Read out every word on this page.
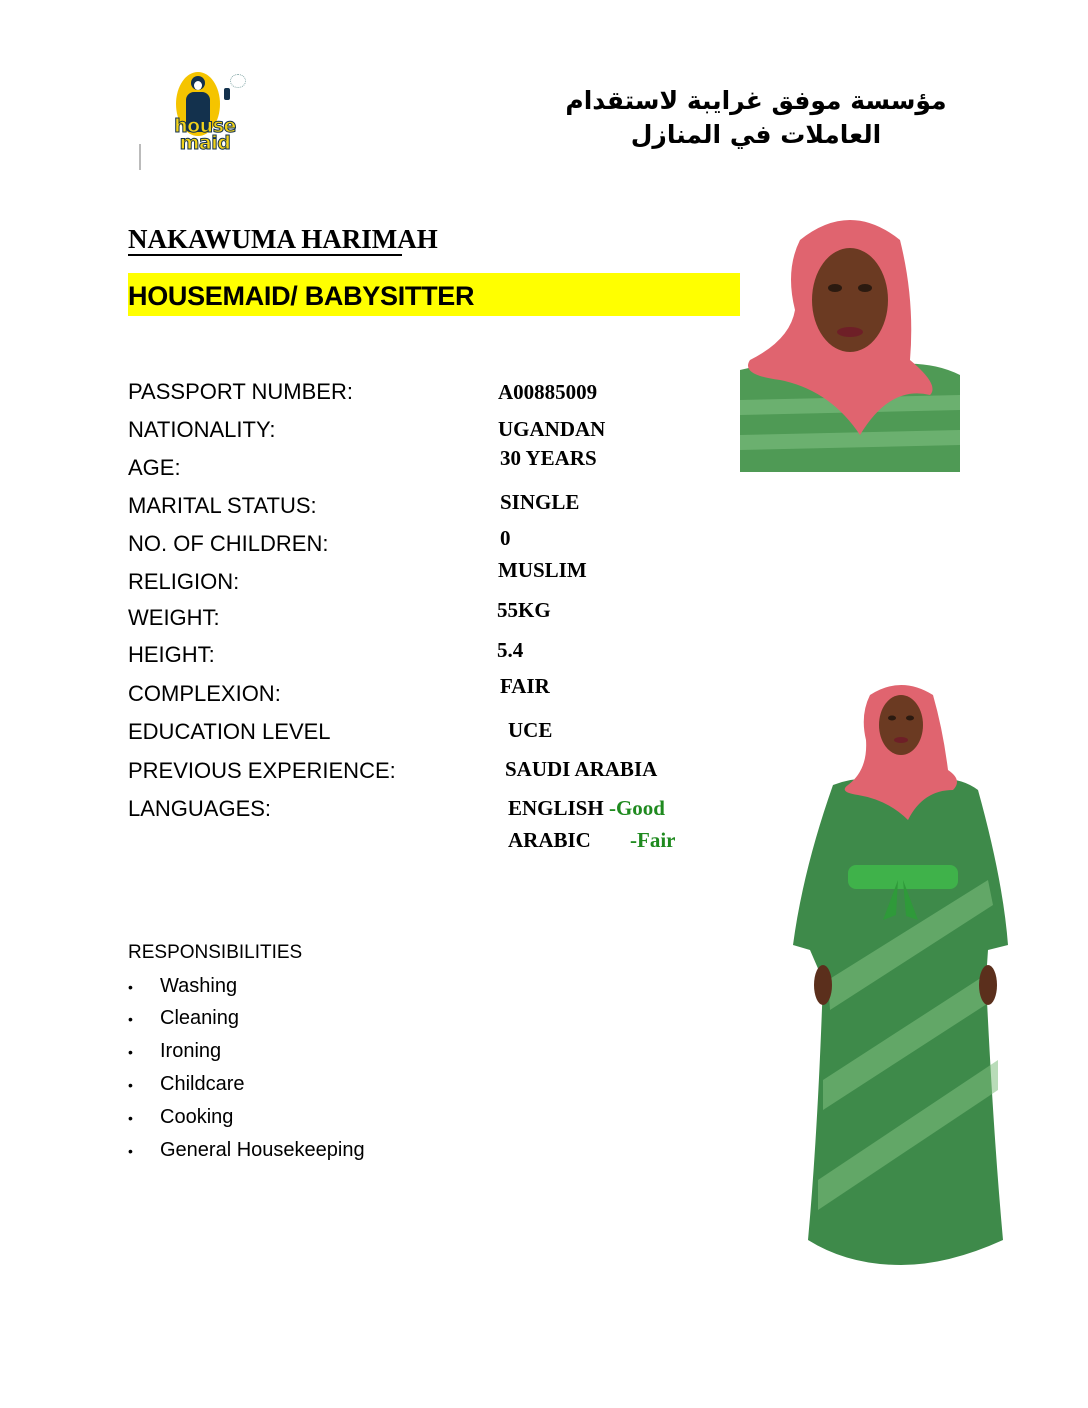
house
maid
مؤسسة موفق غرايبة لاستقدام العاملات في المنازل
NAKAWUMA HARIMAH
HOUSEMAID/ BABYSITTER
PASSPORT NUMBER:
NATIONALITY:
AGE:
MARITAL STATUS:
NO. OF CHILDREN:
RELIGION:
WEIGHT:
HEIGHT:
COMPLEXION:
EDUCATION LEVEL
PREVIOUS EXPERIENCE:
LANGUAGES:
A00885009
UGANDAN
30 YEARS
SINGLE
0
MUSLIM
55KG
5.4
FAIR
UCE
SAUDI ARABIA
ENGLISH -Good
ARABIC -Fair
RESPONSIBILITIES
• Washing
• Cleaning
• Ironing
• Childcare
• Cooking
• General Housekeeping
